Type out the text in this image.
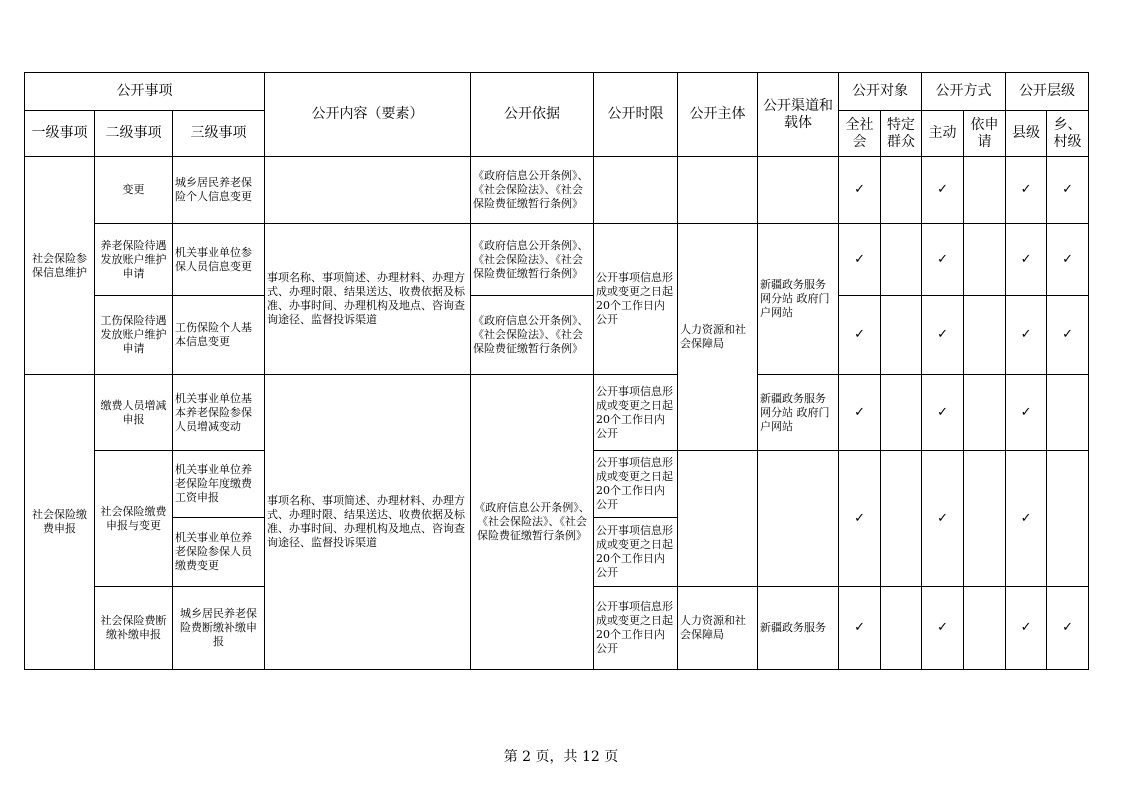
公开事项			公开内容（要素）	公开依据	公开时限	公开主体	公开渠道和载体	公开对象		公开方式		公开层级	
一级事项	二级事项	三级事项						全社会	特定群众	主动	依申请	县级	乡、村级
社会保险参保信息维护	变更	城乡居民养老保险个人信息变更		《政府信息公开条例》、《社会保险法》、《社会保险费征缴暂行条例》				✓		✓		✓	✓
	养老保险待遇发放账户维护申请	机关事业单位参保人员信息变更	事项名称、事项简述、办理材料、办理方式、办理时限、结果送达、收费依据及标准、办事时间、办理机构及地点、咨询查询途径、监督投诉渠道	《政府信息公开条例》、《社会保险法》、《社会保险费征缴暂行条例》	公开事项信息形成或变更之日起20个工作日内公开	人力资源和社会保障局	新疆政务服务网分站 政府门户网站	✓		✓		✓	✓
	工伤保险待遇发放账户维护申请	工伤保险个人基本信息变更		《政府信息公开条例》、《社会保险法》、《社会保险费征缴暂行条例》				✓		✓		✓	✓
社会保险缴费申报	缴费人员增减申报	机关事业单位基本养老保险参保人员增减变动	事项名称、事项简述、办理材料、办理方式、办理时限、结果送达、收费依据及标准、办事时间、办理机构及地点、咨询查询途径、监督投诉渠道	《政府信息公开条例》、《社会保险法》、《社会保险费征缴暂行条例》	公开事项信息形成或变更之日起20个工作日内公开		新疆政务服务网分站 政府门户网站	✓		✓		✓	
	社会保险缴费申报与变更	机关事业单位养老保险年度缴费工资申报			公开事项信息形成或变更之日起20个工作日内公开			✓		✓		✓	
		机关事业单位养老保险参保人员缴费变更			公开事项信息形成或变更之日起20个工作日内公开								
	社会保险费断缴补缴申报	城乡居民养老保险费断缴补缴申报			公开事项信息形成或变更之日起20个工作日内公开	人力资源和社会保障局	新疆政务服务	✓		✓		✓	✓
第 2 页，共 12 页
